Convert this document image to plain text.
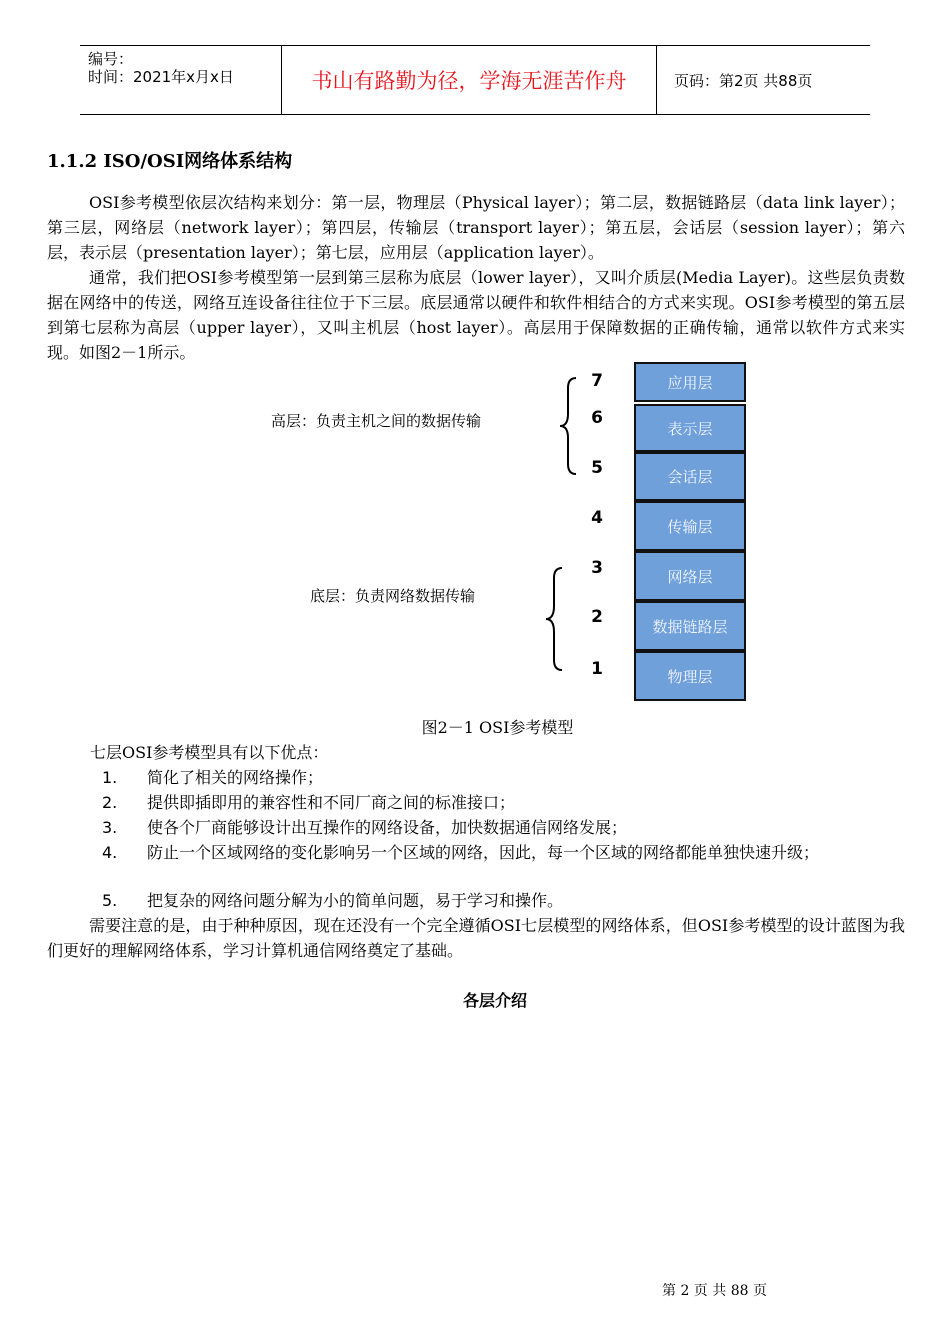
编号：
时间：2021年x月x日	书山有路勤为径，学海无涯苦作舟	页码：第2页 共88页
1.1.2 ISO/OSI网络体系结构
OSI参考模型依层次结构来划分：第一层，物理层（Physical layer）；第二层，数据链路层（data link layer）；第三层，网络层（network layer）；第四层，传输层（transport layer）；第五层，会话层（session layer）；第六层，表示层（presentation layer）；第七层，应用层（application layer）。
通常，我们把OSI参考模型第一层到第三层称为底层（lower layer），又叫介质层(Media Layer)。这些层负责数据在网络中的传送，网络互连设备往往位于下三层。底层通常以硬件和软件相结合的方式来实现。OSI参考模型的第五层到第七层称为高层（upper layer），又叫主机层（host layer）。高层用于保障数据的正确传输，通常以软件方式来实现。如图2－1所示。
高层：负责主机之间的数据传输
底层：负责网络数据传输
7
6
5
4
3
2
1
应用层
表示层
会话层
传输层
网络层
数据链路层
物理层
图2－1 OSI参考模型
七层OSI参考模型具有以下优点：
1.	简化了相关的网络操作；
2.	提供即插即用的兼容性和不同厂商之间的标准接口；
3.	使各个厂商能够设计出互操作的网络设备，加快数据通信网络发展；
4.	防止一个区域网络的变化影响另一个区域的网络，因此，每一个区域的网络都能单独快速升级；
5.	把复杂的网络问题分解为小的简单问题，易于学习和操作。
需要注意的是，由于种种原因，现在还没有一个完全遵循OSI七层模型的网络体系，但OSI参考模型的设计蓝图为我们更好的理解网络体系，学习计算机通信网络奠定了基础。
各层介绍
第 2 页 共 88 页
